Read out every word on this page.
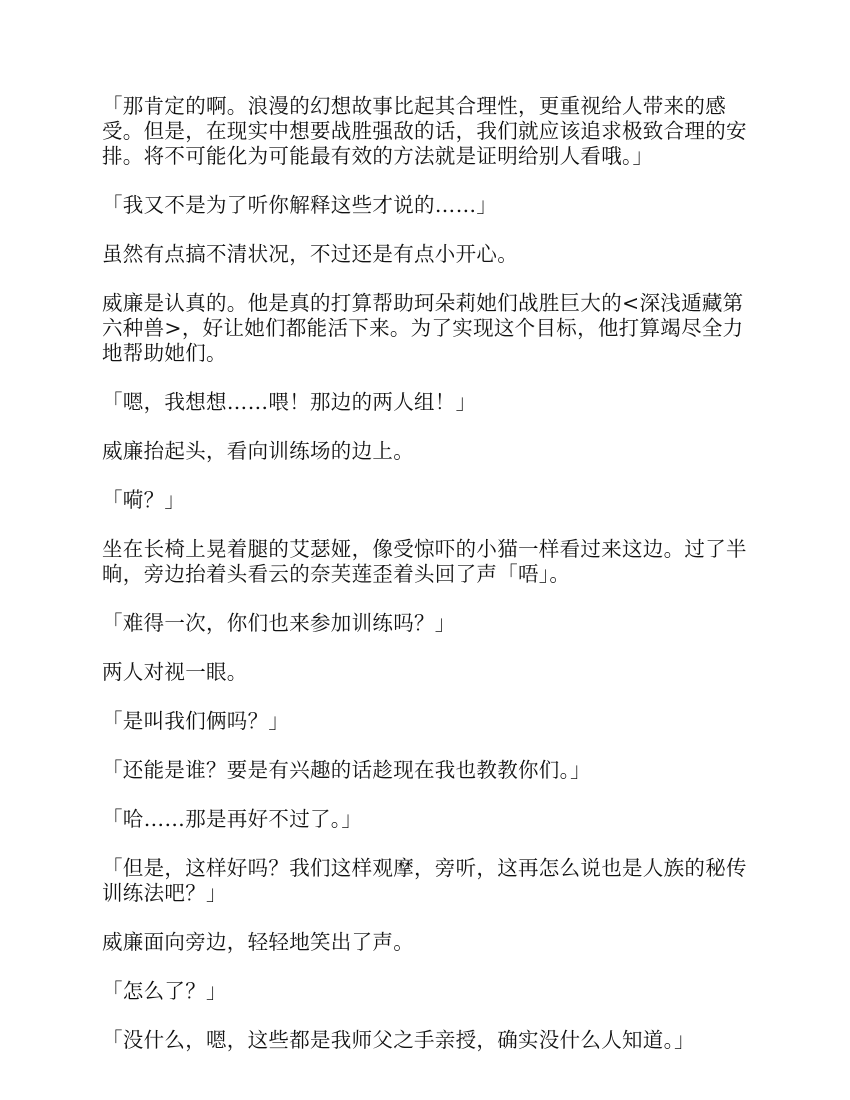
「那肯定的啊。浪漫的幻想故事比起其合理性，更重视给人带来的感受。但是，在现实中想要战胜强敌的话，我们就应该追求极致合理的安排。将不可能化为可能最有效的方法就是证明给别人看哦。」

「我又不是为了听你解释这些才说的……」

虽然有点搞不清状况，不过还是有点小开心。

威廉是认真的。他是真的打算帮助珂朵莉她们战胜巨大的<深浅遁藏第六种兽>，好让她们都能活下来。为了实现这个目标，他打算竭尽全力地帮助她们。

「嗯，我想想……喂！那边的两人组！」

威廉抬起头，看向训练场的边上。

「嗬？」

坐在长椅上晃着腿的艾瑟娅，像受惊吓的小猫一样看过来这边。过了半晌，旁边抬着头看云的奈芙莲歪着头回了声「唔」。

「难得一次，你们也来参加训练吗？」

两人对视一眼。

「是叫我们俩吗？」

「还能是谁？要是有兴趣的话趁现在我也教教你们。」

「哈……那是再好不过了。」

「但是，这样好吗？我们这样观摩，旁听，这再怎么说也是人族的秘传训练法吧？」

威廉面向旁边，轻轻地笑出了声。

「怎么了？」

「没什么，嗯，这些都是我师父之手亲授，确实没什么人知道。」
